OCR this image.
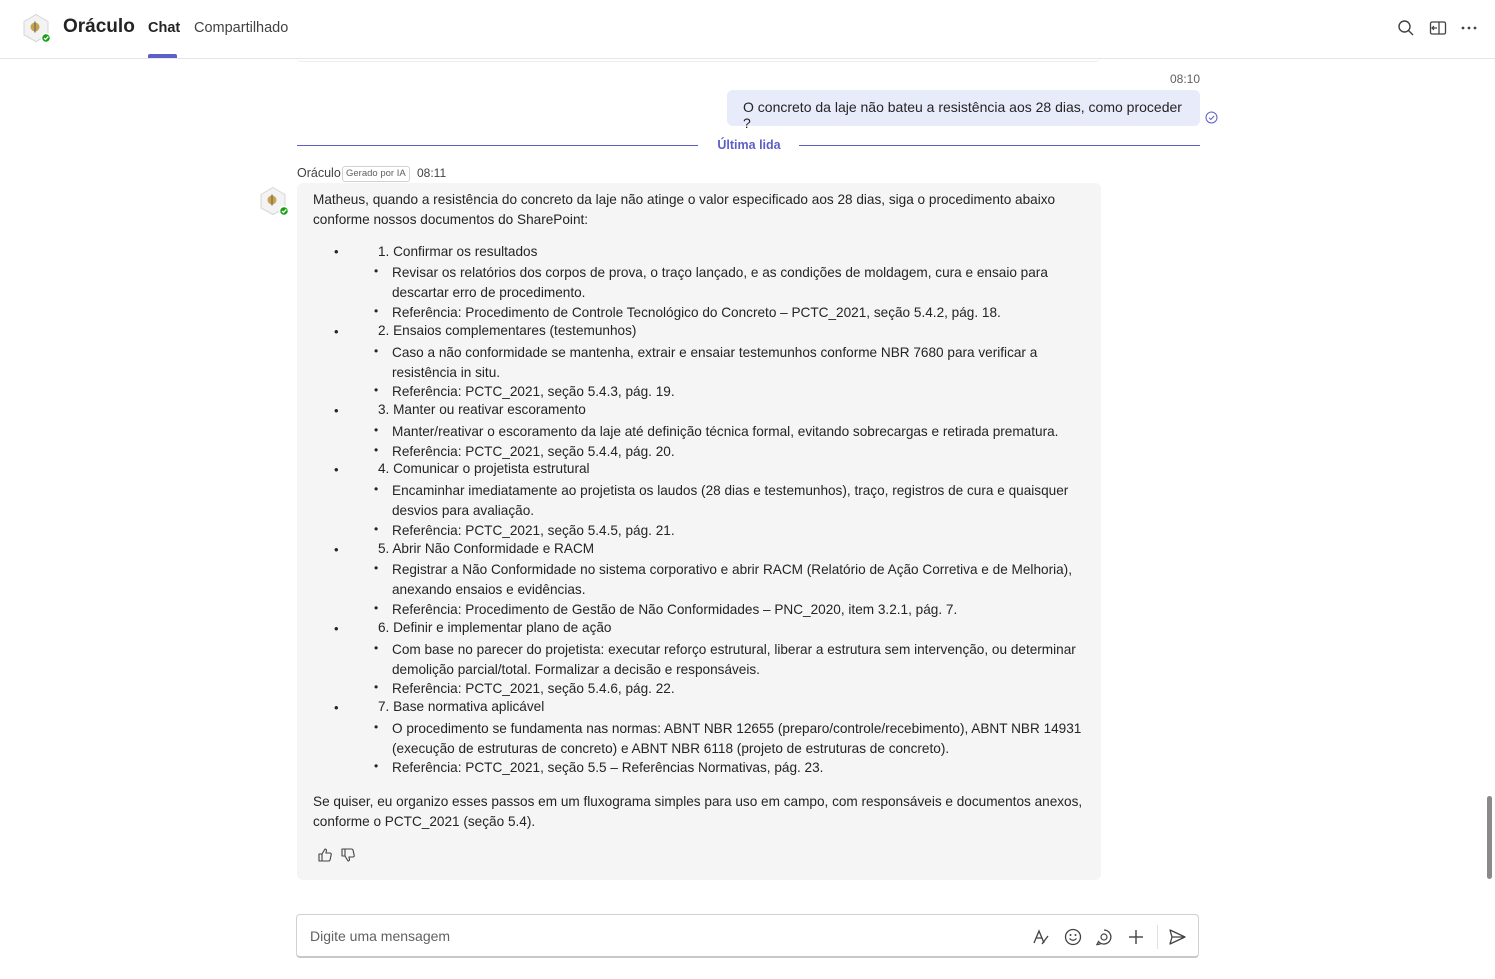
Oráculo Chat Compartilhado
08:10
O concreto da laje não bateu a resistência aos 28 dias, como proceder ?
Última lida
Oráculo Gerado por IA 08:11
Matheus, quando a resistência do concreto da laje não atinge o valor especificado aos 28 dias, siga o procedimento abaixo conforme nossos documentos do SharePoint:
•	1. Confirmar os resultados
• Revisar os relatórios dos corpos de prova, o traço lançado, e as condições de moldagem, cura e ensaio para descartar erro de procedimento.
• Referência: Procedimento de Controle Tecnológico do Concreto – PCTC_2021, seção 5.4.2, pág. 18.
•	2. Ensaios complementares (testemunhos)
• Caso a não conformidade se mantenha, extrair e ensaiar testemunhos conforme NBR 7680 para verificar a resistência in situ.
• Referência: PCTC_2021, seção 5.4.3, pág. 19.
•	3. Manter ou reativar escoramento
• Manter/reativar o escoramento da laje até definição técnica formal, evitando sobrecargas e retirada prematura.
• Referência: PCTC_2021, seção 5.4.4, pág. 20.
•	4. Comunicar o projetista estrutural
• Encaminhar imediatamente ao projetista os laudos (28 dias e testemunhos), traço, registros de cura e quaisquer desvios para avaliação.
• Referência: PCTC_2021, seção 5.4.5, pág. 21.
•	5. Abrir Não Conformidade e RACM
• Registrar a Não Conformidade no sistema corporativo e abrir RACM (Relatório de Ação Corretiva e de Melhoria), anexando ensaios e evidências.
• Referência: Procedimento de Gestão de Não Conformidades – PNC_2020, item 3.2.1, pág. 7.
•	6. Definir e implementar plano de ação
• Com base no parecer do projetista: executar reforço estrutural, liberar a estrutura sem intervenção, ou determinar demolição parcial/total. Formalizar a decisão e responsáveis.
• Referência: PCTC_2021, seção 5.4.6, pág. 22.
•	7. Base normativa aplicável
• O procedimento se fundamenta nas normas: ABNT NBR 12655 (preparo/controle/recebimento), ABNT NBR 14931 (execução de estruturas de concreto) e ABNT NBR 6118 (projeto de estruturas de concreto).
• Referência: PCTC_2021, seção 5.5 – Referências Normativas, pág. 23.
Se quiser, eu organizo esses passos em um fluxograma simples para uso em campo, com responsáveis e documentos anexos, conforme o PCTC_2021 (seção 5.4).
Digite uma mensagem
